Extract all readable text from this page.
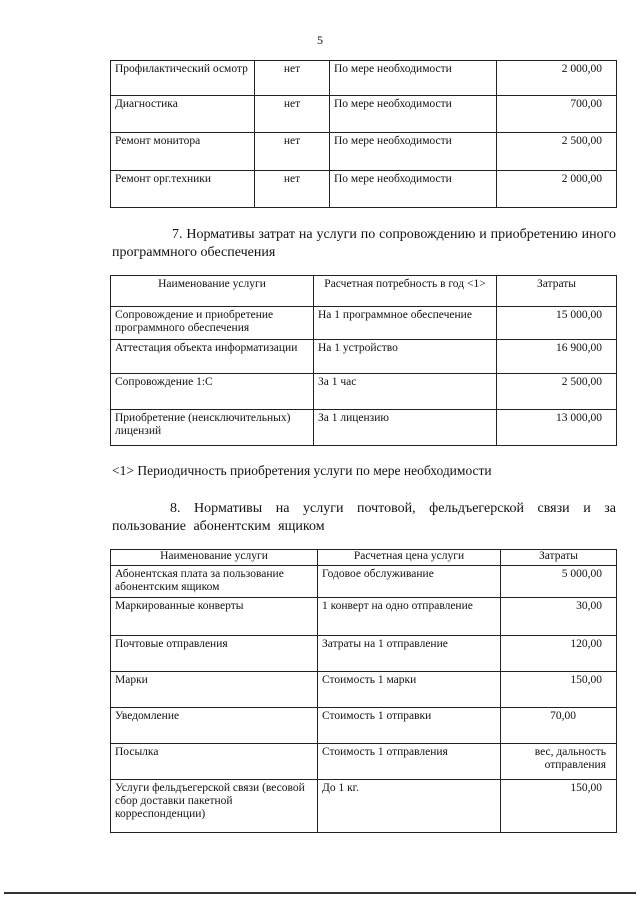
5
Профилактический осмотр	нет	По мере необходимости	2 000,00
Диагностика	нет	По мере необходимости	700,00
Ремонт монитора	нет	По мере необходимости	2 500,00
Ремонт орг.техники	нет	По мере необходимости	2 000,00
7. Нормативы затрат на услуги по сопровождению и приобретению иного программного обеспечения
Наименование услуги	Расчетная потребность в год <1>	Затраты
Сопровождение и приобретение программного обеспечения	На 1 программное обеспечение	15 000,00
Аттестация объекта информатизации	На 1 устройство	16 900,00
Сопровождение 1:С	За 1 час	2 500,00
Приобретение (неисключительных) лицензий	За 1 лицензию	13 000,00
<1> Периодичность приобретения услуги по мере необходимости
8. Нормативы на услуги почтовой, фельдъегерской связи и за пользование абонентским ящиком
Наименование услуги	Расчетная цена услуги	Затраты
Абонентская плата за пользование абонентским ящиком	Годовое обслуживание	5 000,00
Маркированные конверты	1 конверт на одно отправление	30,00
Почтовые отправления	Затраты на 1 отправление	120,00
Марки	Стоимость 1 марки	150,00
Уведомление	Стоимость 1 отправки	70,00
Посылка	Стоимость 1 отправления	вес, дальность отправления
Услуги фельдъегерской связи (весовой сбор доставки пакетной корреспонденции)	До 1 кг.	150,00
